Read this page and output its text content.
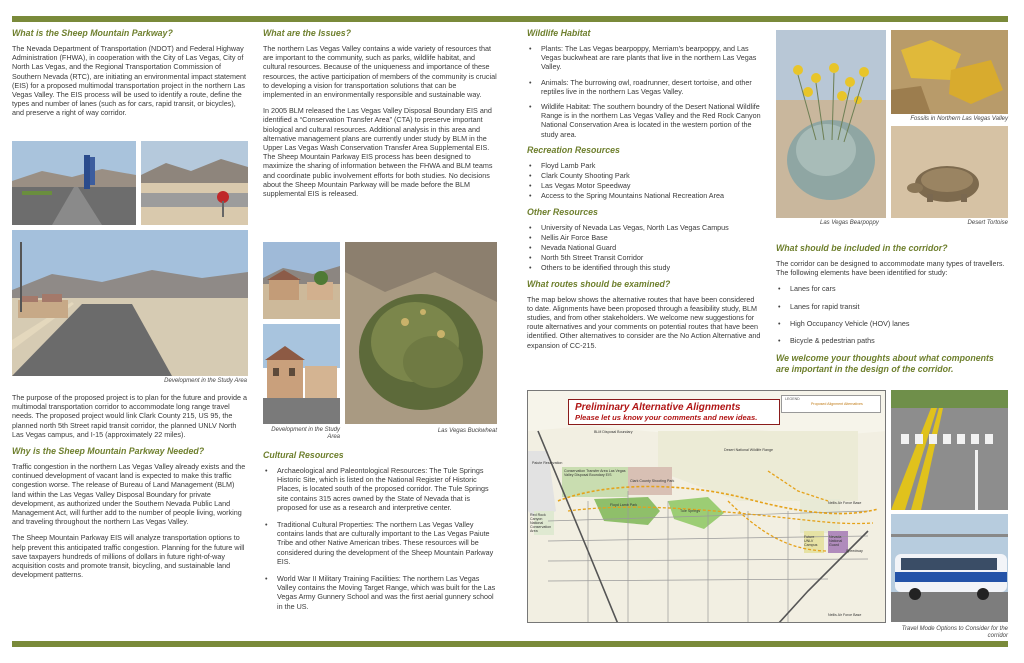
What is the Sheep Mountain Parkway?

The Nevada Department of Transportation (NDOT) and Federal Highway Administration (FHWA), in cooperation with the City of Las Vegas, City of North Las Vegas, and the Regional Transportation Commission of Southern Nevada (RTC), are initiating an environmental impact statement (EIS) for a proposed multimodal transportation project in the northern Las Vegas Valley. The EIS process will be used to identify a route, define the types and number of lanes (such as for cars, rapid transit, or bicycles), and preserve a right of way corridor.

Development in the Study Area

The purpose of the proposed project is to plan for the future and provide a multimodal transportation corridor to accommodate long range travel needs. The proposed project would link Clark County 215, US 95, the planned north 5th Street rapid transit corridor, the planned UNLV North Las Vegas campus, and I-15 (approximately 22 miles).

Why is the Sheep Mountain Parkway Needed?

Traffic congestion in the northern Las Vegas Valley already exists and the continued development of vacant land is expected to make this traffic congestion worse. The release of Bureau of Land Management (BLM) land within the Las Vegas Valley Disposal Boundary for private development, as authorized under the Southern Nevada Public Land Management Act, will further add to the number of people living, working and traveling throughout the northern Las Vegas Valley.

The Sheep Mountain Parkway EIS will analyze transportation options to help prevent this anticipated traffic congestion. Planning for the future will save taxpayers hundreds of millions of dollars in future right-of-way acquisition costs and promote transit, bicycling, and sustainable land development patterns.

What are the Issues?

The northern Las Vegas Valley contains a wide variety of resources that are important to the community, such as parks, wildlife habitat, and cultural resources. Because of the uniqueness and importance of these resources, the active participation of members of the community is crucial to developing a vision for transportation solutions that can be implemented in an environmentally responsible and sustainable way.

In 2005 BLM released the Las Vegas Valley Disposal Boundary EIS and identified a “Conservation Transfer Area” (CTA) to preserve important biological and cultural resources. Additional analysis in this area and alternative management plans are currently under study by BLM in the Upper Las Vegas Wash Conservation Transfer Area Supplemental EIS. The Sheep Mountain Parkway EIS process has been designed to maximize the sharing of information between the FHWA and BLM teams and coordinate public involvement efforts for both studies. No decisions about the Sheep Mountain Parkway will be made before the BLM supplemental EIS is released.

Development in the Study Area
Las Vegas Buckwheat
Cultural Resources
• Archaeological and Paleontological Resources: The Tule Springs Historic Site, which is listed on the National Register of Historic Places, is located south of the proposed corridor. The Tule Springs site contains 315 acres owned by the State of Nevada that is proposed for use as a research and interpretive center.
• Traditional Cultural Properties: The northern Las Vegas Valley contains lands that are culturally important to the Las Vegas Paiute Tribe and other Native American tribes. These resources will be considered during the development of the Sheep Mountain Parkway EIS.
• World War II Military Training Facilities: The northern Las Vegas Valley contains the Moving Target Range, which was built for the Las Vegas Army Gunnery School and was the first aerial gunnery school in the US.
Wildlife Habitat
• Plants: The Las Vegas bearpoppy, Merriam’s bearpoppy, and Las Vegas buckwheat are rare plants that live in the northern Las Vegas Valley.
• Animals: The burrowing owl, roadrunner, desert tortoise, and other reptiles live in the northern Las Vegas Valley.
• Wildlife Habitat: The southern boundry of the Desert National Wildlife Range is in the northern Las Vegas Valley and the Red Rock Canyon National Conservation Area is located in the western portion of the study area.
Recreation Resources
• Floyd Lamb Park
• Clark County Shooting Park
• Las Vegas Motor Speedway
• Access to the Spring Mountains National Recreation Area
Other Resources
• University of Nevada Las Vegas, North Las Vegas Campus
• Nellis Air Force Base
• Nevada National Guard
• North 5th Street Transit Corridor
• Others to be identified through this study
What routes should be examined?

The map below shows the alternative routes that have been considered to date. Alignments have been proposed through a feasibility study, BLM studies, and from other stakeholders. We welcome new suggestions for route alternatives and your comments on potential routes that have been identified. Other alternatives to consider are the No Action Alternative and expansion of CC-215.

Preliminary Alternative Alignments
Please let us know your comments and new ideas.
LEGEND
Proposed Alignment Alternatives
BLM Disposal Boundary
Desert National Wildlife Range
Paiute Reservation
Conservation Transfer Area Las Vegas Valley Disposal Boundary EIS
Clark County Shooting Park
Red Rock Canyon National Conservation Area
Floyd Lamb Park
Tule Springs
Nellis Air Force Base
Future UNLV Campus
Nevada National Guard
Speedway
Nellis Air Force Base
Las Vegas Bearpoppy
Fossils in Northern Las Vegas Valley
Desert Tortoise
What should be included in the corridor?

The corridor can be designed to accommodate many types of travellers. The following elements have been identified for study:

• Lanes for cars
• Lanes for rapid transit
• High Occupancy Vehicle (HOV) lanes
• Bicycle & pedestrian paths
We welcome your thoughts about what components are important in the design of the corridor.
Travel Mode Options to Consider for the corridor
